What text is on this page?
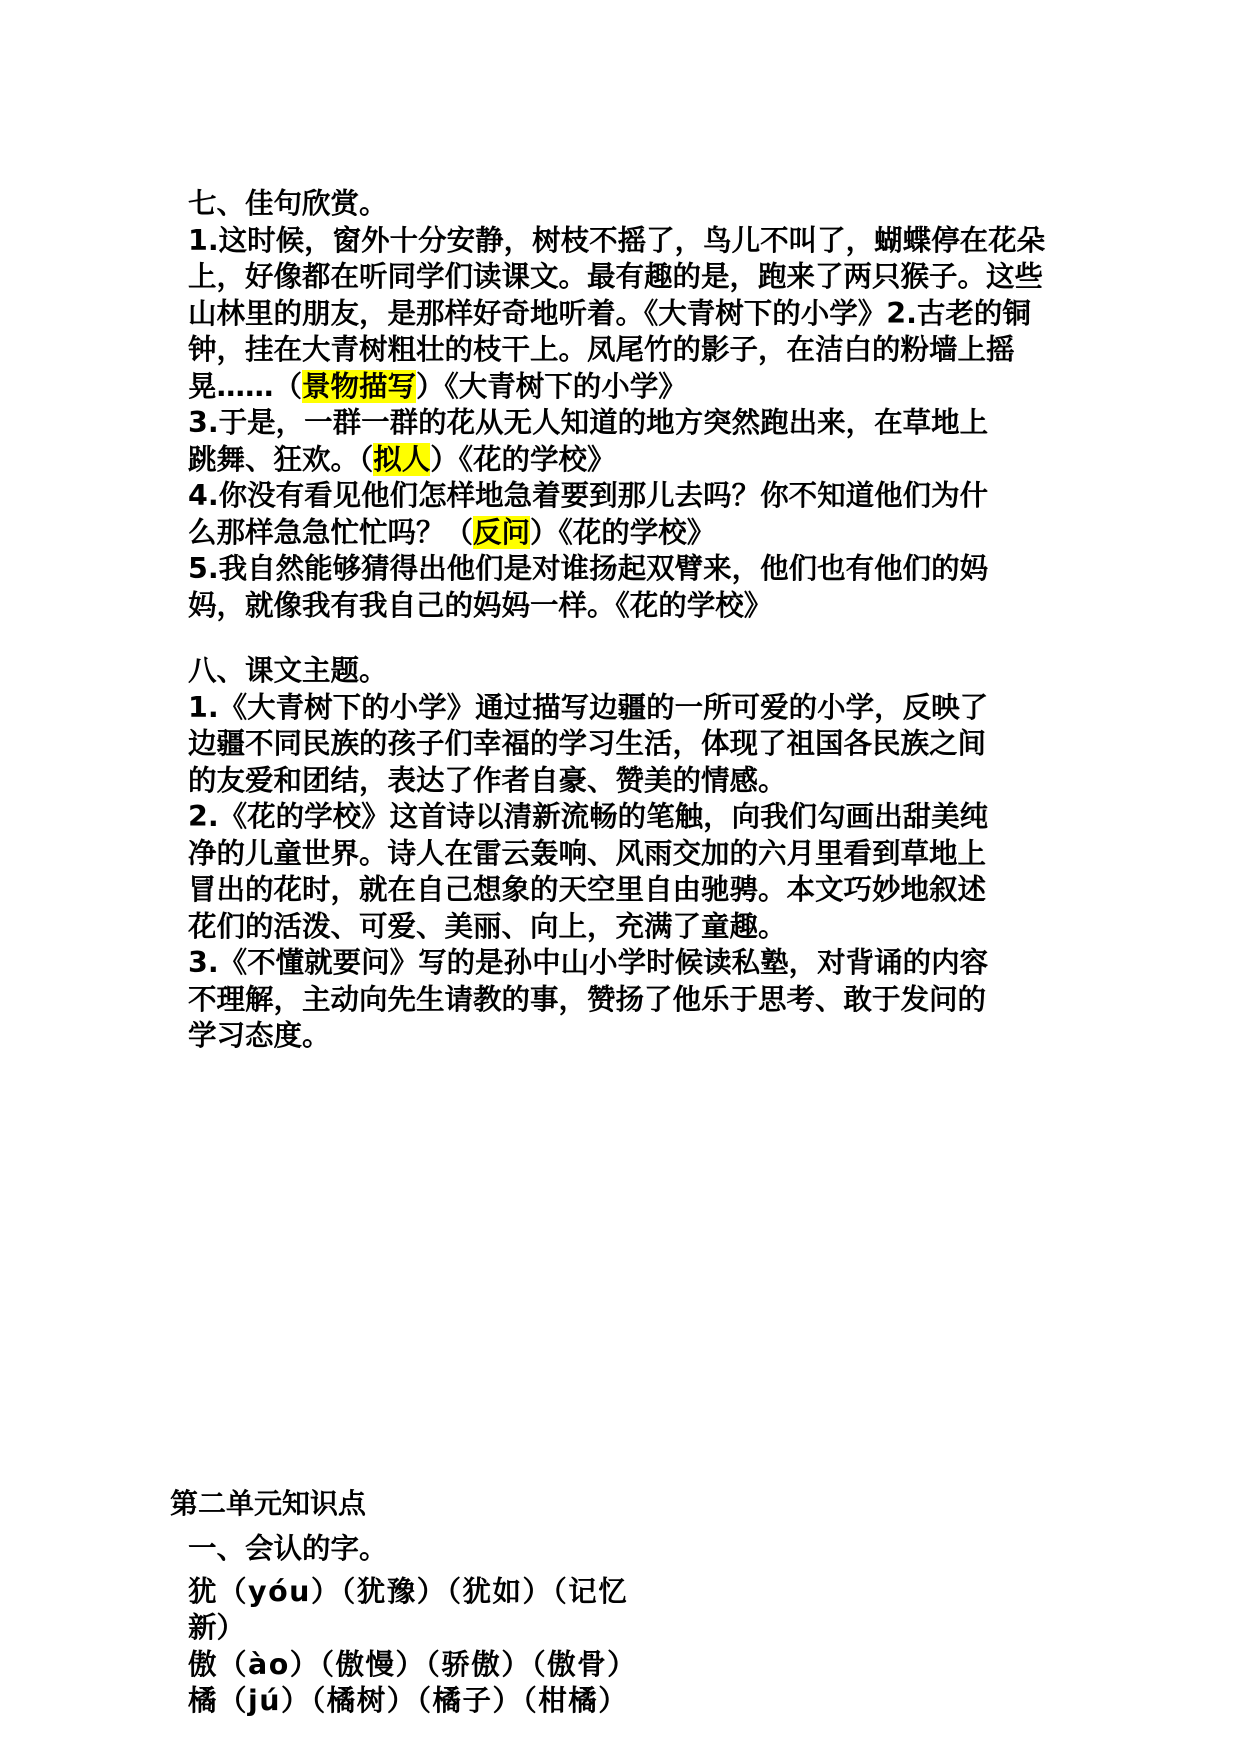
七、佳句欣赏。
1.这时候，窗外十分安静，树枝不摇了，鸟儿不叫了，蝴蝶停在花朵
上，好像都在听同学们读课文。最有趣的是，跑来了两只猴子。这些
山林里的朋友，是那样好奇地听着。《大青树下的小学》2.古老的铜
钟，挂在大青树粗壮的枝干上。凤尾竹的影子，在洁白的粉墙上摇
晃……（景物描写）《大青树下的小学》
3.于是，一群一群的花从无人知道的地方突然跑出来，在草地上
跳舞、狂欢。（拟人）《花的学校》
4.你没有看见他们怎样地急着要到那儿去吗？你不知道他们为什
么那样急急忙忙吗？（反问）《花的学校》
5.我自然能够猜得出他们是对谁扬起双臂来，他们也有他们的妈
妈，就像我有我自己的妈妈一样。《花的学校》
八、课文主题。
1.《大青树下的小学》通过描写边疆的一所可爱的小学，反映了
边疆不同民族的孩子们幸福的学习生活，体现了祖国各民族之间
的友爱和团结，表达了作者自豪、赞美的情感。
2.《花的学校》这首诗以清新流畅的笔触，向我们勾画出甜美纯
净的儿童世界。诗人在雷云轰响、风雨交加的六月里看到草地上
冒出的花时，就在自己想象的天空里自由驰骋。本文巧妙地叙述
花们的活泼、可爱、美丽、向上，充满了童趣。
3.《不懂就要问》写的是孙中山小学时候读私塾，对背诵的内容
不理解，主动向先生请教的事，赞扬了他乐于思考、敢于发问的
学习态度。
第二单元知识点
一、会认的字。
犹（yóu）（犹豫）（犹如）（记忆
新）
傲（ào）（傲慢）（骄傲）（傲骨）
橘（jú）（橘树）（橘子）（柑橘）
